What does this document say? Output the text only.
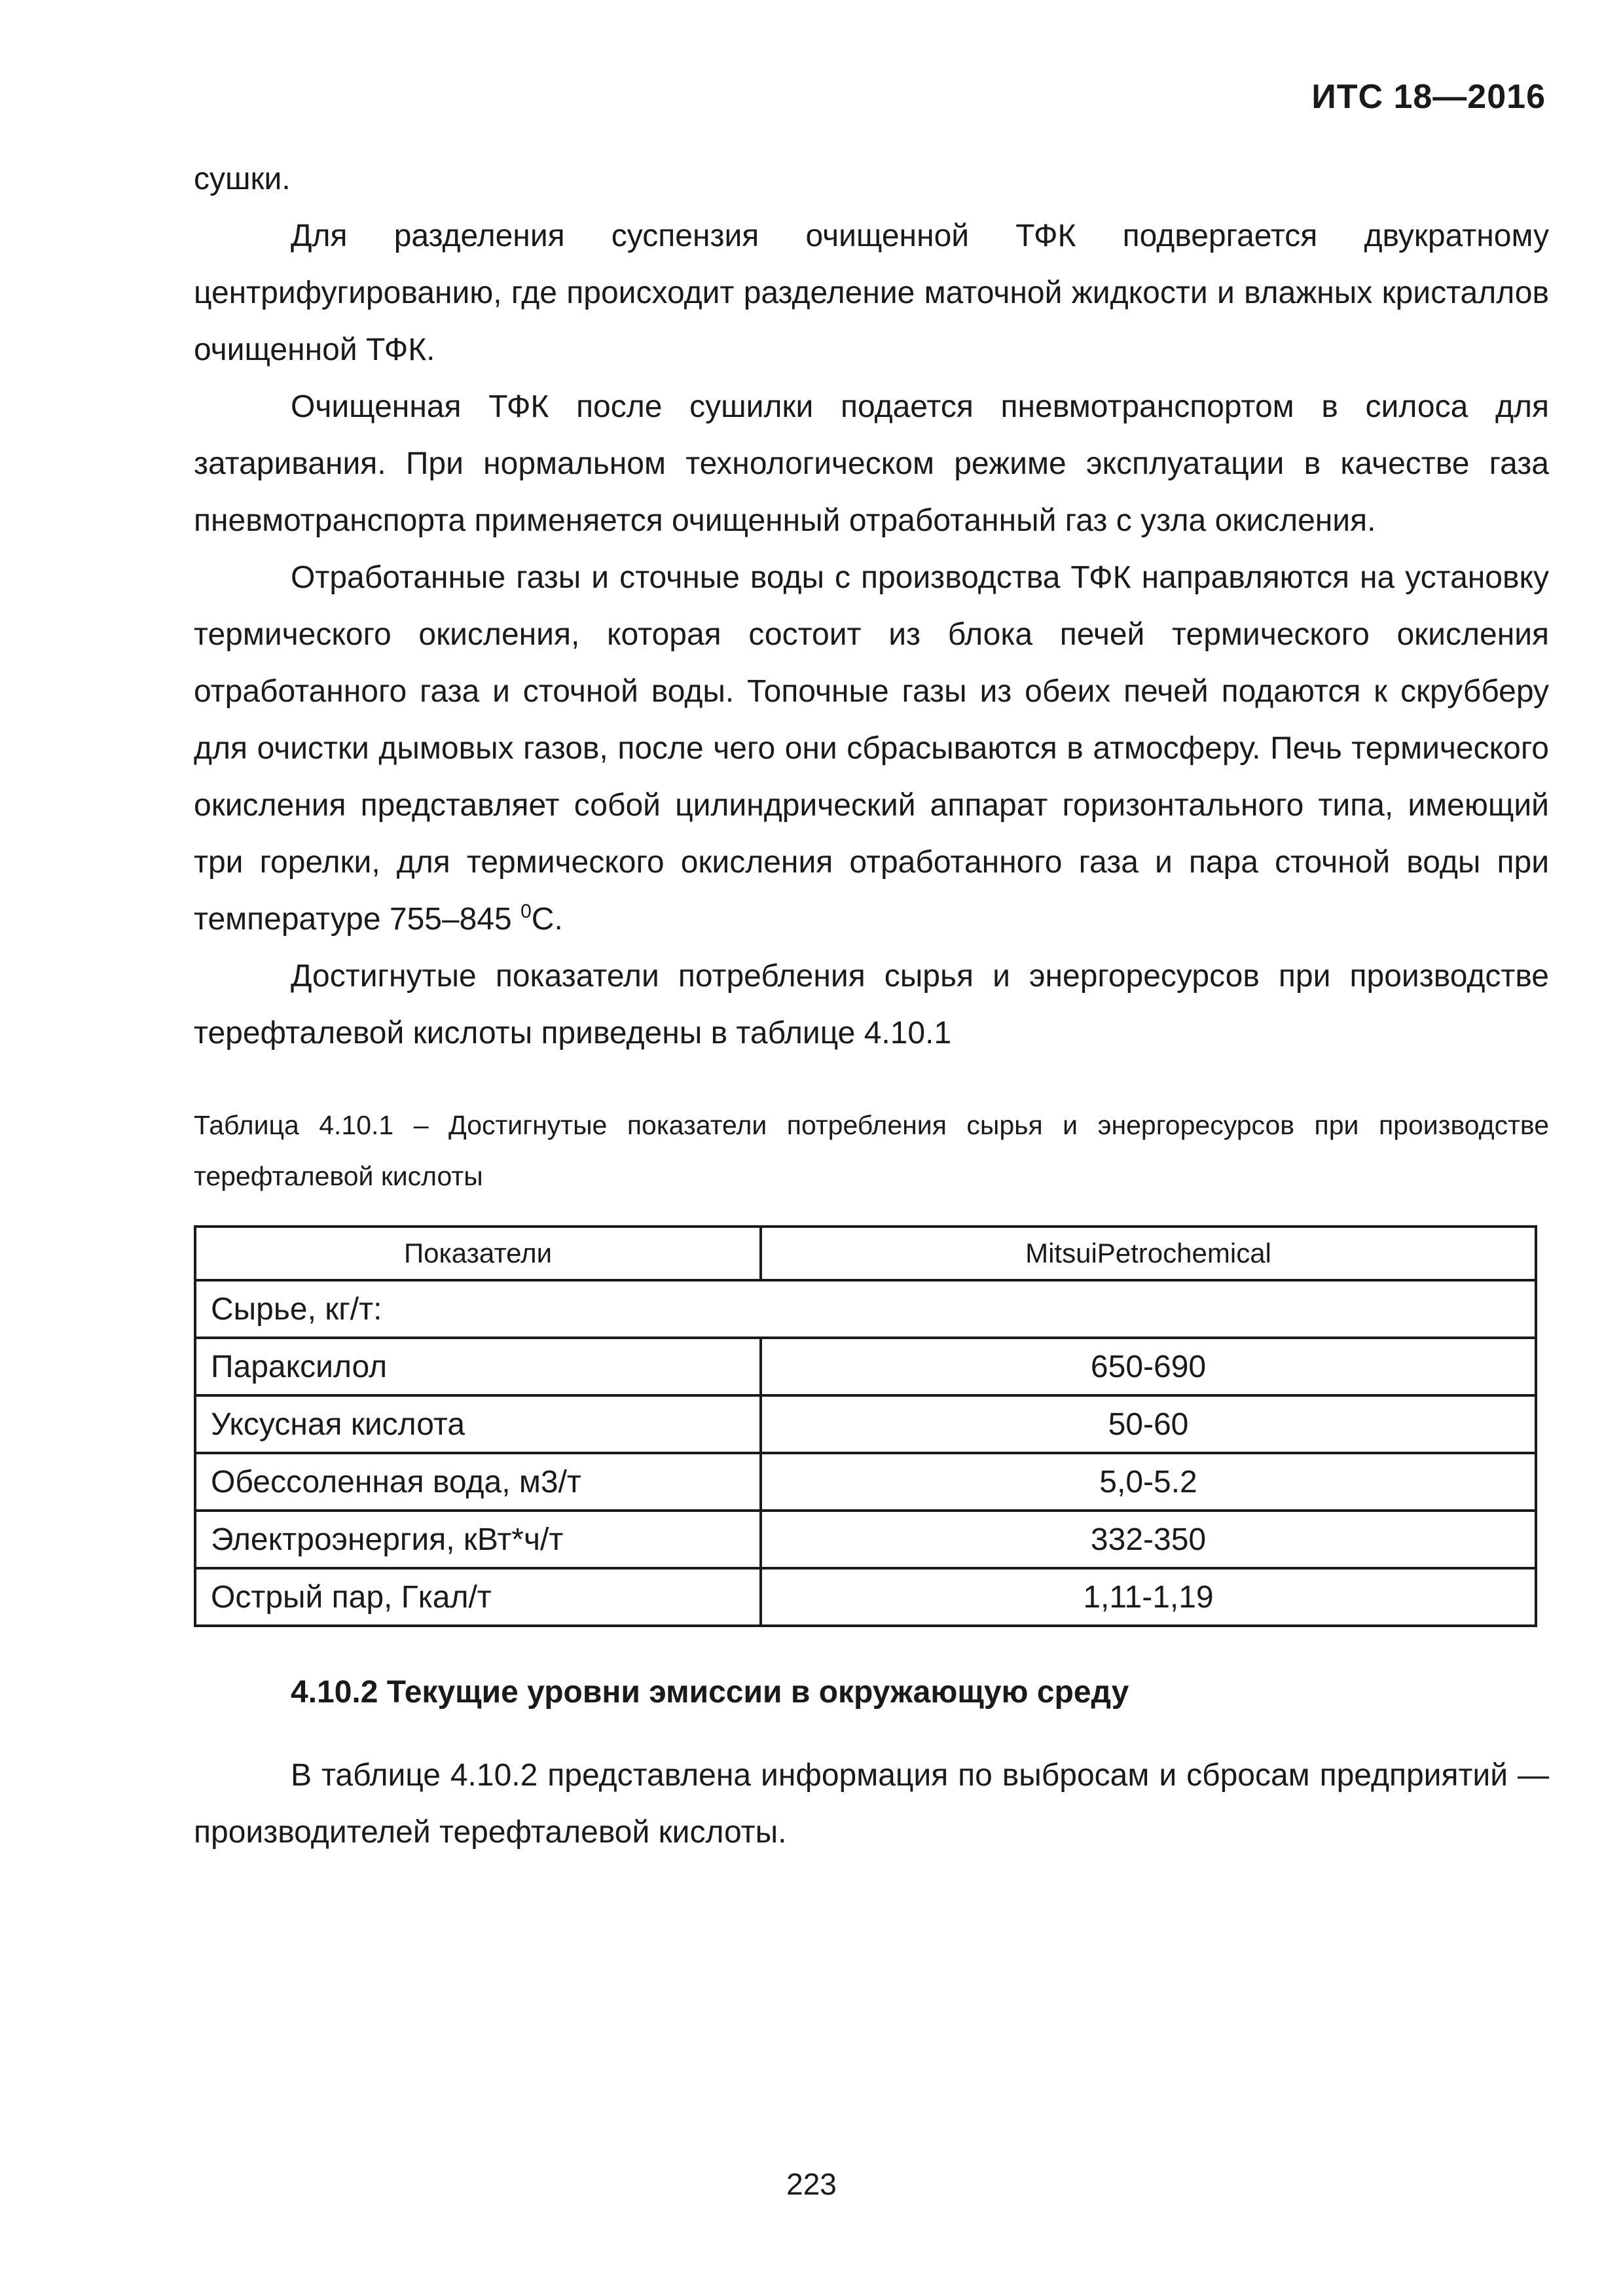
ИТС 18—2016

сушки.

Для разделения суспензия очищенной ТФК подвергается двукратному центрифугированию, где происходит разделение маточной жидкости и влажных кристаллов очищенной ТФК.

Очищенная ТФК после сушилки подается пневмотранспортом в силоса для затаривания. При нормальном технологическом режиме эксплуатации в качестве газа пневмотранспорта применяется очищенный отработанный газ с узла окисления.

Отработанные газы и сточные воды с производства ТФК направляются на установку термического окисления, которая состоит из блока печей термического окисления отработанного газа и сточной воды. Топочные газы из обеих печей подаются к скрубберу для очистки дымовых газов, после чего они сбрасываются в атмосферу. Печь термического окисления представляет собой цилиндрический аппарат горизонтального типа, имеющий три горелки, для термического окисления отработанного газа и пара сточной воды при температуре 755–845 $^0$С.

Достигнутые показатели потребления сырья и энергоресурсов при производстве терефталевой кислоты приведены в таблице 4.10.1

Таблица 4.10.1 – Достигнутые показатели потребления сырья и энергоресурсов при производстве терефталевой кислоты

Показатели	MitsuiPetrochemical
Сырье, кг/т:	
Параксилол	650-690
Уксусная кислота	50-60
Обессоленная вода, м3/т	5,0-5.2
Электроэнергия, кВт*ч/т	332-350
Острый пар, Гкал/т	1,11-1,19
4.10.2 Текущие уровни эмиссии в окружающую среду

В таблице 4.10.2 представлена информация по выбросам и сбросам предприятий — производителей терефталевой кислоты.

223
